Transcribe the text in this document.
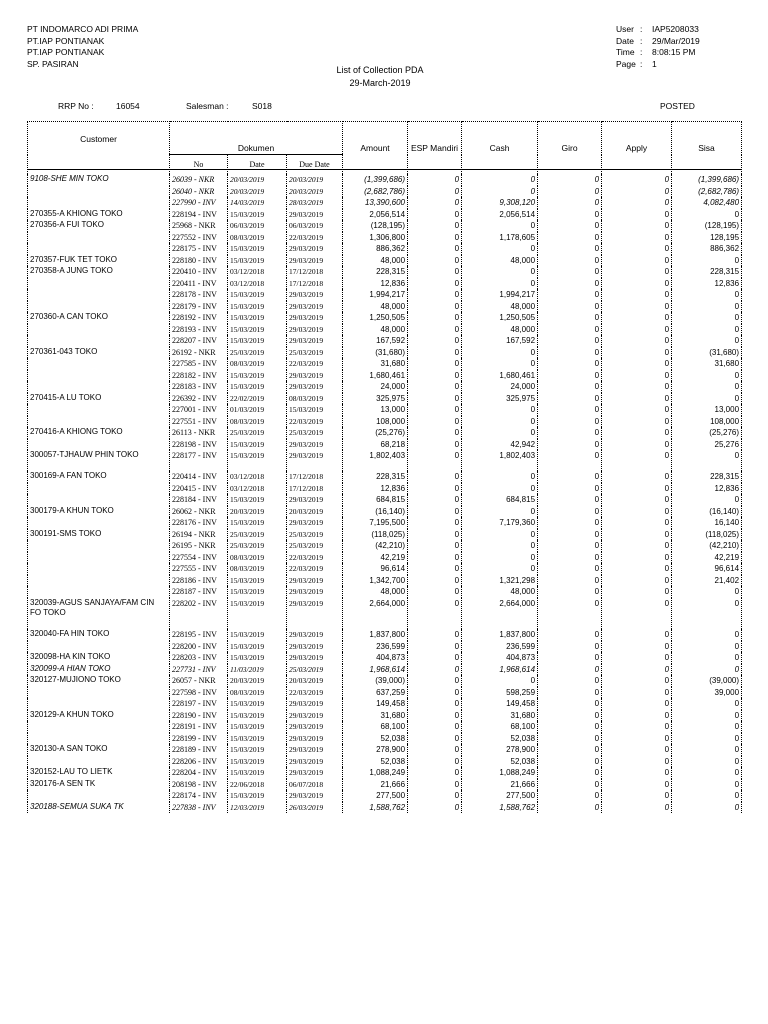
PT INDOMARCO ADI PRIMA
PT.IAP PONTIANAK
PT.IAP PONTIANAK
SP. PASIRAN
List of Collection PDA
29-March-2019
User :	IAP5208033
Date :	29/Mar/2019
Time :	8:08:15 PM
Page :	1
RRP No :	16054	Salesman :	S018	POSTED
Customer	Dokumen			Amount	ESP Mandiri	Cash	Giro	Apply	Sisa
	No	Date	Due Date						
9108-SHE MIN TOKO	26039 - NKR	20/03/2019	20/03/2019	(1,399,686)	0	0	0	0	(1,399,686)
	26040 - NKR	20/03/2019	20/03/2019	(2,682,786)	0	0	0	0	(2,682,786)
	227990 - INV	14/03/2019	28/03/2019	13,390,600	0	9,308,120	0	0	4,082,480
270355-A KHIONG TOKO	228194 - INV	15/03/2019	29/03/2019	2,056,514	0	2,056,514	0	0	0
270356-A FUI TOKO	25968 - NKR	06/03/2019	06/03/2019	(128,195)	0	0	0	0	(128,195)
	227552 - INV	08/03/2019	22/03/2019	1,306,800	0	1,178,605	0	0	128,195
	228175 - INV	15/03/2019	29/03/2019	886,362	0	0	0	0	886,362
270357-FUK TET TOKO	228180 - INV	15/03/2019	29/03/2019	48,000	0	48,000	0	0	0
270358-A JUNG TOKO	220410 - INV	03/12/2018	17/12/2018	228,315	0	0	0	0	228,315
	220411 - INV	03/12/2018	17/12/2018	12,836	0	0	0	0	12,836
	228178 - INV	15/03/2019	29/03/2019	1,994,217	0	1,994,217	0	0	0
	228179 - INV	15/03/2019	29/03/2019	48,000	0	48,000	0	0	0
270360-A CAN TOKO	228192 - INV	15/03/2019	29/03/2019	1,250,505	0	1,250,505	0	0	0
	228193 - INV	15/03/2019	29/03/2019	48,000	0	48,000	0	0	0
	228207 - INV	15/03/2019	29/03/2019	167,592	0	167,592	0	0	0
270361-043 TOKO	26192 - NKR	25/03/2019	25/03/2019	(31,680)	0	0	0	0	(31,680)
	227585 - INV	08/03/2019	22/03/2019	31,680	0	0	0	0	31,680
	228182 - INV	15/03/2019	29/03/2019	1,680,461	0	1,680,461	0	0	0
	228183 - INV	15/03/2019	29/03/2019	24,000	0	24,000	0	0	0
270415-A LU TOKO	226392 - INV	22/02/2019	08/03/2019	325,975	0	325,975	0	0	0
	227001 - INV	01/03/2019	15/03/2019	13,000	0	0	0	0	13,000
	227551 - INV	08/03/2019	22/03/2019	108,000	0	0	0	0	108,000
270416-A KHIONG TOKO	26113 - NKR	25/03/2019	25/03/2019	(25,276)	0	0	0	0	(25,276)
	228198 - INV	15/03/2019	29/03/2019	68,218	0	42,942	0	0	25,276
300057-TJHAUW PHIN TOKO	228177 - INV	15/03/2019	29/03/2019	1,802,403	0	1,802,403	0	0	0
300169-A FAN TOKO	220414 - INV	03/12/2018	17/12/2018	228,315	0	0	0	0	228,315
	220415 - INV	03/12/2018	17/12/2018	12,836	0	0	0	0	12,836
	228184 - INV	15/03/2019	29/03/2019	684,815	0	684,815	0	0	0
300179-A KHUN TOKO	26062 - NKR	20/03/2019	20/03/2019	(16,140)	0	0	0	0	(16,140)
	228176 - INV	15/03/2019	29/03/2019	7,195,500	0	7,179,360	0	0	16,140
300191-SMS TOKO	26194 - NKR	25/03/2019	25/03/2019	(118,025)	0	0	0	0	(118,025)
	26195 - NKR	25/03/2019	25/03/2019	(42,210)	0	0	0	0	(42,210)
	227554 - INV	08/03/2019	22/03/2019	42,219	0	0	0	0	42,219
	227555 - INV	08/03/2019	22/03/2019	96,614	0	0	0	0	96,614
	228186 - INV	15/03/2019	29/03/2019	1,342,700	0	1,321,298	0	0	21,402
	228187 - INV	15/03/2019	29/03/2019	48,000	0	48,000	0	0	0
320039-AGUS SANJAYA/FAM CIN FO TOKO	228202 - INV	15/03/2019	29/03/2019	2,664,000	0	2,664,000	0	0	0
320040-FA HIN TOKO	228195 - INV	15/03/2019	29/03/2019	1,837,800	0	1,837,800	0	0	0
	228200 - INV	15/03/2019	29/03/2019	236,599	0	236,599	0	0	0
320098-HA KIN TOKO	228203 - INV	15/03/2019	29/03/2019	404,873	0	404,873	0	0	0
320099-A HIAN TOKO	227731 - INV	11/03/2019	25/03/2019	1,968,614	0	1,968,614	0	0	0
320127-MUJIONO TOKO	26057 - NKR	20/03/2019	20/03/2019	(39,000)	0	0	0	0	(39,000)
	227598 - INV	08/03/2019	22/03/2019	637,259	0	598,259	0	0	39,000
	228197 - INV	15/03/2019	29/03/2019	149,458	0	149,458	0	0	0
320129-A KHUN TOKO	228190 - INV	15/03/2019	29/03/2019	31,680	0	31,680	0	0	0
	228191 - INV	15/03/2019	29/03/2019	68,100	0	68,100	0	0	0
	228199 - INV	15/03/2019	29/03/2019	52,038	0	52,038	0	0	0
320130-A SAN TOKO	228189 - INV	15/03/2019	29/03/2019	278,900	0	278,900	0	0	0
	228206 - INV	15/03/2019	29/03/2019	52,038	0	52,038	0	0	0
320152-LAU TO LIETK	228204 - INV	15/03/2019	29/03/2019	1,088,249	0	1,088,249	0	0	0
320176-A SEN TK	208198 - INV	22/06/2018	06/07/2018	21,666	0	21,666	0	0	0
	228174 - INV	15/03/2019	29/03/2019	277,500	0	277,500	0	0	0
320188-SEMUA SUKA TK	227838 - INV	12/03/2019	26/03/2019	1,588,762	0	1,588,762	0	0	0
